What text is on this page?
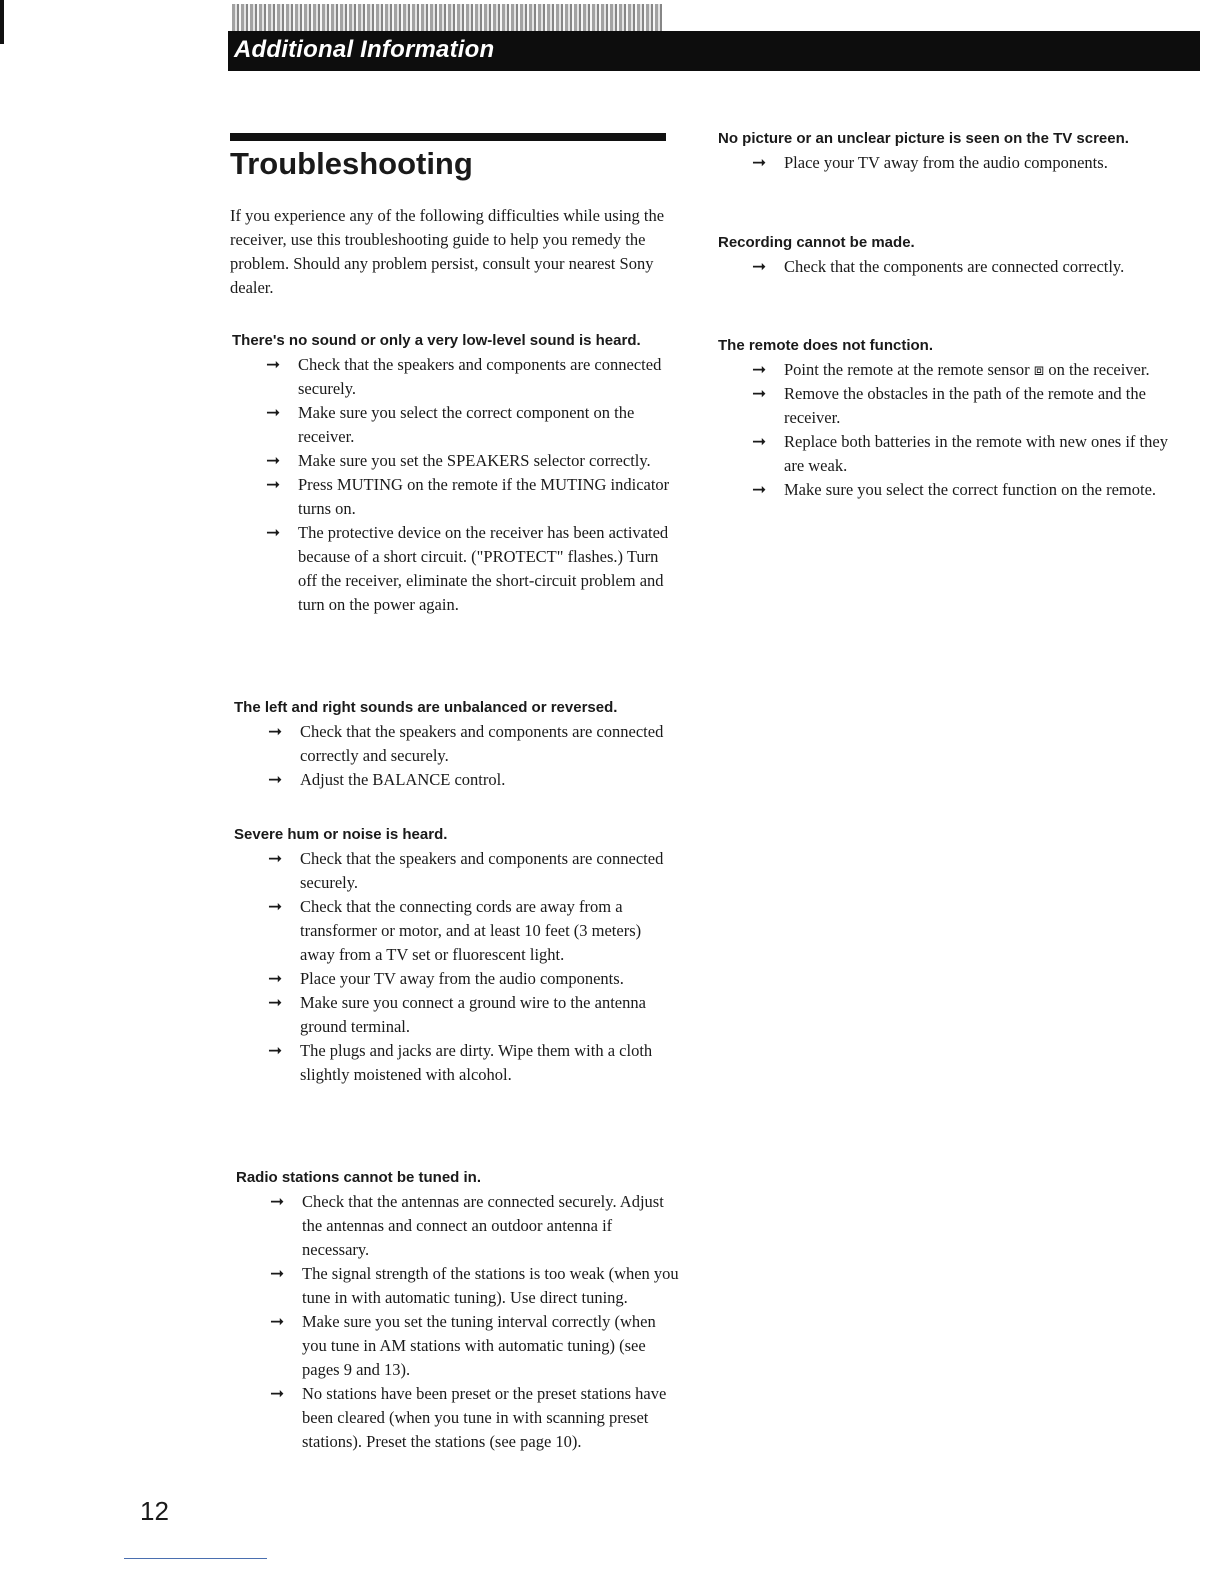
Additional Information
Troubleshooting

If you experience any of the following difficulties while using the receiver, use this troubleshooting guide to help you remedy the problem. Should any problem persist, consult your nearest Sony dealer.

There's no sound or only a very low-level sound is heard.
➞ Check that the speakers and components are connected securely.
➞ Make sure you select the correct component on the receiver.
➞ Make sure you set the SPEAKERS selector correctly.
➞ Press MUTING on the remote if the MUTING indicator turns on.
➞ The protective device on the receiver has been activated because of a short circuit. ("PROTECT" flashes.) Turn off the receiver, eliminate the short-circuit problem and turn on the power again.
The left and right sounds are unbalanced or reversed.
➞ Check that the speakers and components are connected correctly and securely.
➞ Adjust the BALANCE control.
Severe hum or noise is heard.
➞ Check that the speakers and components are connected securely.
➞ Check that the connecting cords are away from a transformer or motor, and at least 10 feet (3 meters) away from a TV set or fluorescent light.
➞ Place your TV away from the audio components.
➞ Make sure you connect a ground wire to the antenna ground terminal.
➞ The plugs and jacks are dirty. Wipe them with a cloth slightly moistened with alcohol.
Radio stations cannot be tuned in.
➞ Check that the antennas are connected securely. Adjust the antennas and connect an outdoor antenna if necessary.
➞ The signal strength of the stations is too weak (when you tune in with automatic tuning). Use direct tuning.
➞ Make sure you set the tuning interval correctly (when you tune in AM stations with automatic tuning) (see pages 9 and 13).
➞ No stations have been preset or the preset stations have been cleared (when you tune in with scanning preset stations). Preset the stations (see page 10).
No picture or an unclear picture is seen on the TV screen.
➞ Place your TV away from the audio components.
Recording cannot be made.
➞ Check that the components are connected correctly.
The remote does not function.
➞ Point the remote at the remote sensor ⧈ on the receiver.
➞ Remove the obstacles in the path of the remote and the receiver.
➞ Replace both batteries in the remote with new ones if they are weak.
➞ Make sure you select the correct function on the remote.
12
